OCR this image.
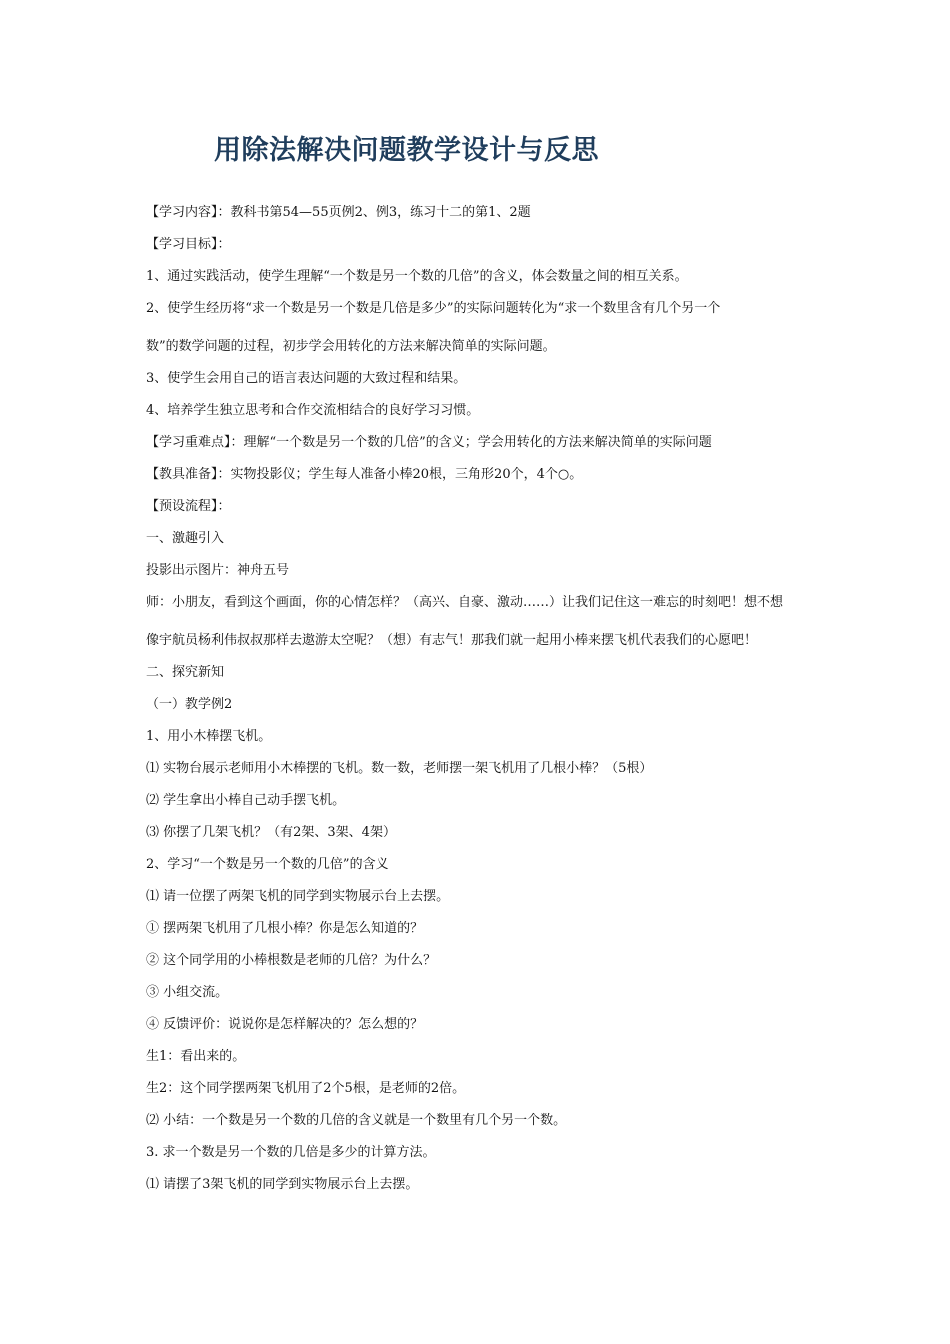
用除法解决问题教学设计与反思
【学习内容】：教科书第54—55页例2、例3，练习十二的第1、2题
【学习目标】：
1、通过实践活动，使学生理解“一个数是另一个数的几倍”的含义，体会数量之间的相互关系。
2、使学生经历将“求一个数是另一个数是几倍是多少”的实际问题转化为“求一个数里含有几个另一个
数”的数学问题的过程，初步学会用转化的方法来解决简单的实际问题。
3、使学生会用自己的语言表达问题的大致过程和结果。
4、培养学生独立思考和合作交流相结合的良好学习习惯。
【学习重难点】：理解“一个数是另一个数的几倍”的含义；学会用转化的方法来解决简单的实际问题
【教具准备】：实物投影仪；学生每人准备小棒20根，三角形20个，4个○。
【预设流程】：
一、激趣引入
投影出示图片：神舟五号
师：小朋友，看到这个画面，你的心情怎样？（高兴、自豪、激动……）让我们记住这一难忘的时刻吧！想不想
像宇航员杨利伟叔叔那样去遨游太空呢？（想）有志气！那我们就一起用小棒来摆飞机代表我们的心愿吧！
二、探究新知
（一）教学例2
1、用小木棒摆飞机。
⑴ 实物台展示老师用小木棒摆的飞机。数一数，老师摆一架飞机用了几根小棒？（5根）
⑵ 学生拿出小棒自己动手摆飞机。
⑶ 你摆了几架飞机？（有2架、3架、4架）
2、学习“一个数是另一个数的几倍”的含义
⑴ 请一位摆了两架飞机的同学到实物展示台上去摆。
① 摆两架飞机用了几根小棒？你是怎么知道的？
② 这个同学用的小棒根数是老师的几倍？为什么？
③ 小组交流。
④ 反馈评价：说说你是怎样解决的？怎么想的？
生1：看出来的。
生2：这个同学摆两架飞机用了2个5根，是老师的2倍。
⑵ 小结：一个数是另一个数的几倍的含义就是一个数里有几个另一个数。
3. 求一个数是另一个数的几倍是多少的计算方法。
⑴ 请摆了3架飞机的同学到实物展示台上去摆。
